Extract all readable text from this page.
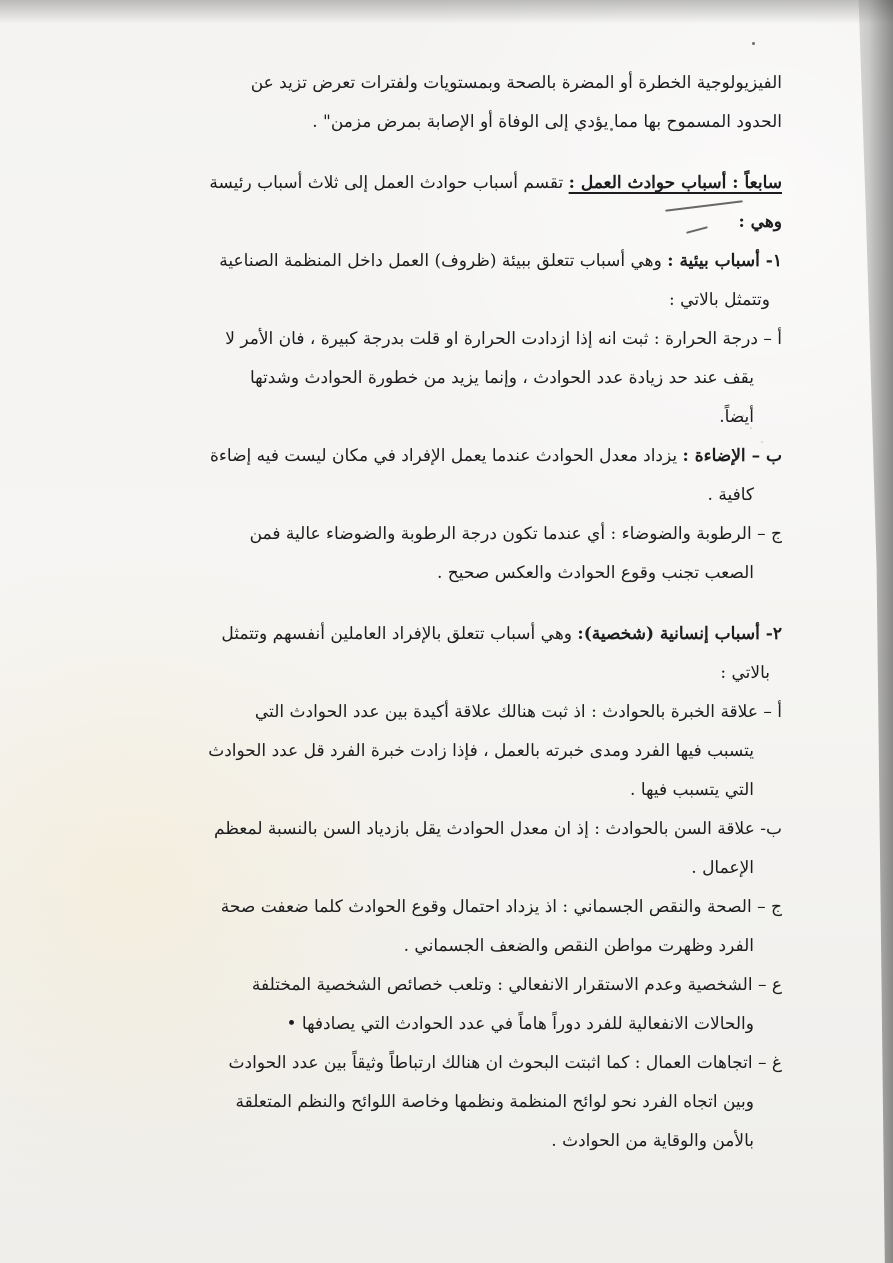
الفيزيولوجية الخطرة أو المضرة بالصحة وبمستويات ولفترات تعرض تزيد عن
الحدود المسموح بها مما يؤدي إلى الوفاة أو الإصابة بمرض مزمن" .

سابعاً : أسباب حوادث العمل : تقسم أسباب حوادث العمل إلى ثلاث أسباب رئيسة
وهي :

١- أسباب بيئية : وهي أسباب تتعلق ببيئة (ظروف) العمل داخل المنظمة الصناعية
وتتمثل بالاتي :

أ – درجة الحرارة : ثبت انه إذا ازدادت الحرارة او قلت بدرجة كبيرة ، فان الأمر لا
يقف عند حد زيادة عدد الحوادث ، وإنما يزيد من خطورة الحوادث وشدتها
أيضاً.

ب – الإضاءة : يزداد معدل الحوادث عندما يعمل الإفراد في مكان ليست فيه إضاءة
كافية .

ج – الرطوبة والضوضاء : أي عندما تكون درجة الرطوبة والضوضاء عالية فمن
الصعب تجنب وقوع الحوادث والعكس صحيح .

٢- أسباب إنسانية (شخصية): وهي أسباب تتعلق بالإفراد العاملين أنفسهم وتتمثل
بالاتي :

أ – علاقة الخبرة بالحوادث : اذ ثبت هنالك علاقة أكيدة بين عدد الحوادث التي
يتسبب فيها الفرد ومدى خبرته بالعمل ، فإذا زادت خبرة الفرد قل عدد الحوادث
التي يتسبب فيها .

ب- علاقة السن بالحوادث : إذ ان معدل الحوادث يقل بازدياد السن بالنسبة لمعظم
الإعمال .

ج – الصحة والنقص الجسماني : اذ يزداد احتمال وقوع الحوادث كلما ضعفت صحة
الفرد وظهرت مواطن النقص والضعف الجسماني .

ع – الشخصية وعدم الاستقرار الانفعالي : وتلعب خصائص الشخصية المختلفة
والحالات الانفعالية للفرد دوراً هاماً في عدد الحوادث التي يصادفها •

غ – اتجاهات العمال : كما اثبتت البحوث ان هنالك ارتباطاً وثيقاً بين عدد الحوادث
وبين اتجاه الفرد نحو لوائح المنظمة ونظمها وخاصة اللوائح والنظم المتعلقة
بالأمن والوقاية من الحوادث .
